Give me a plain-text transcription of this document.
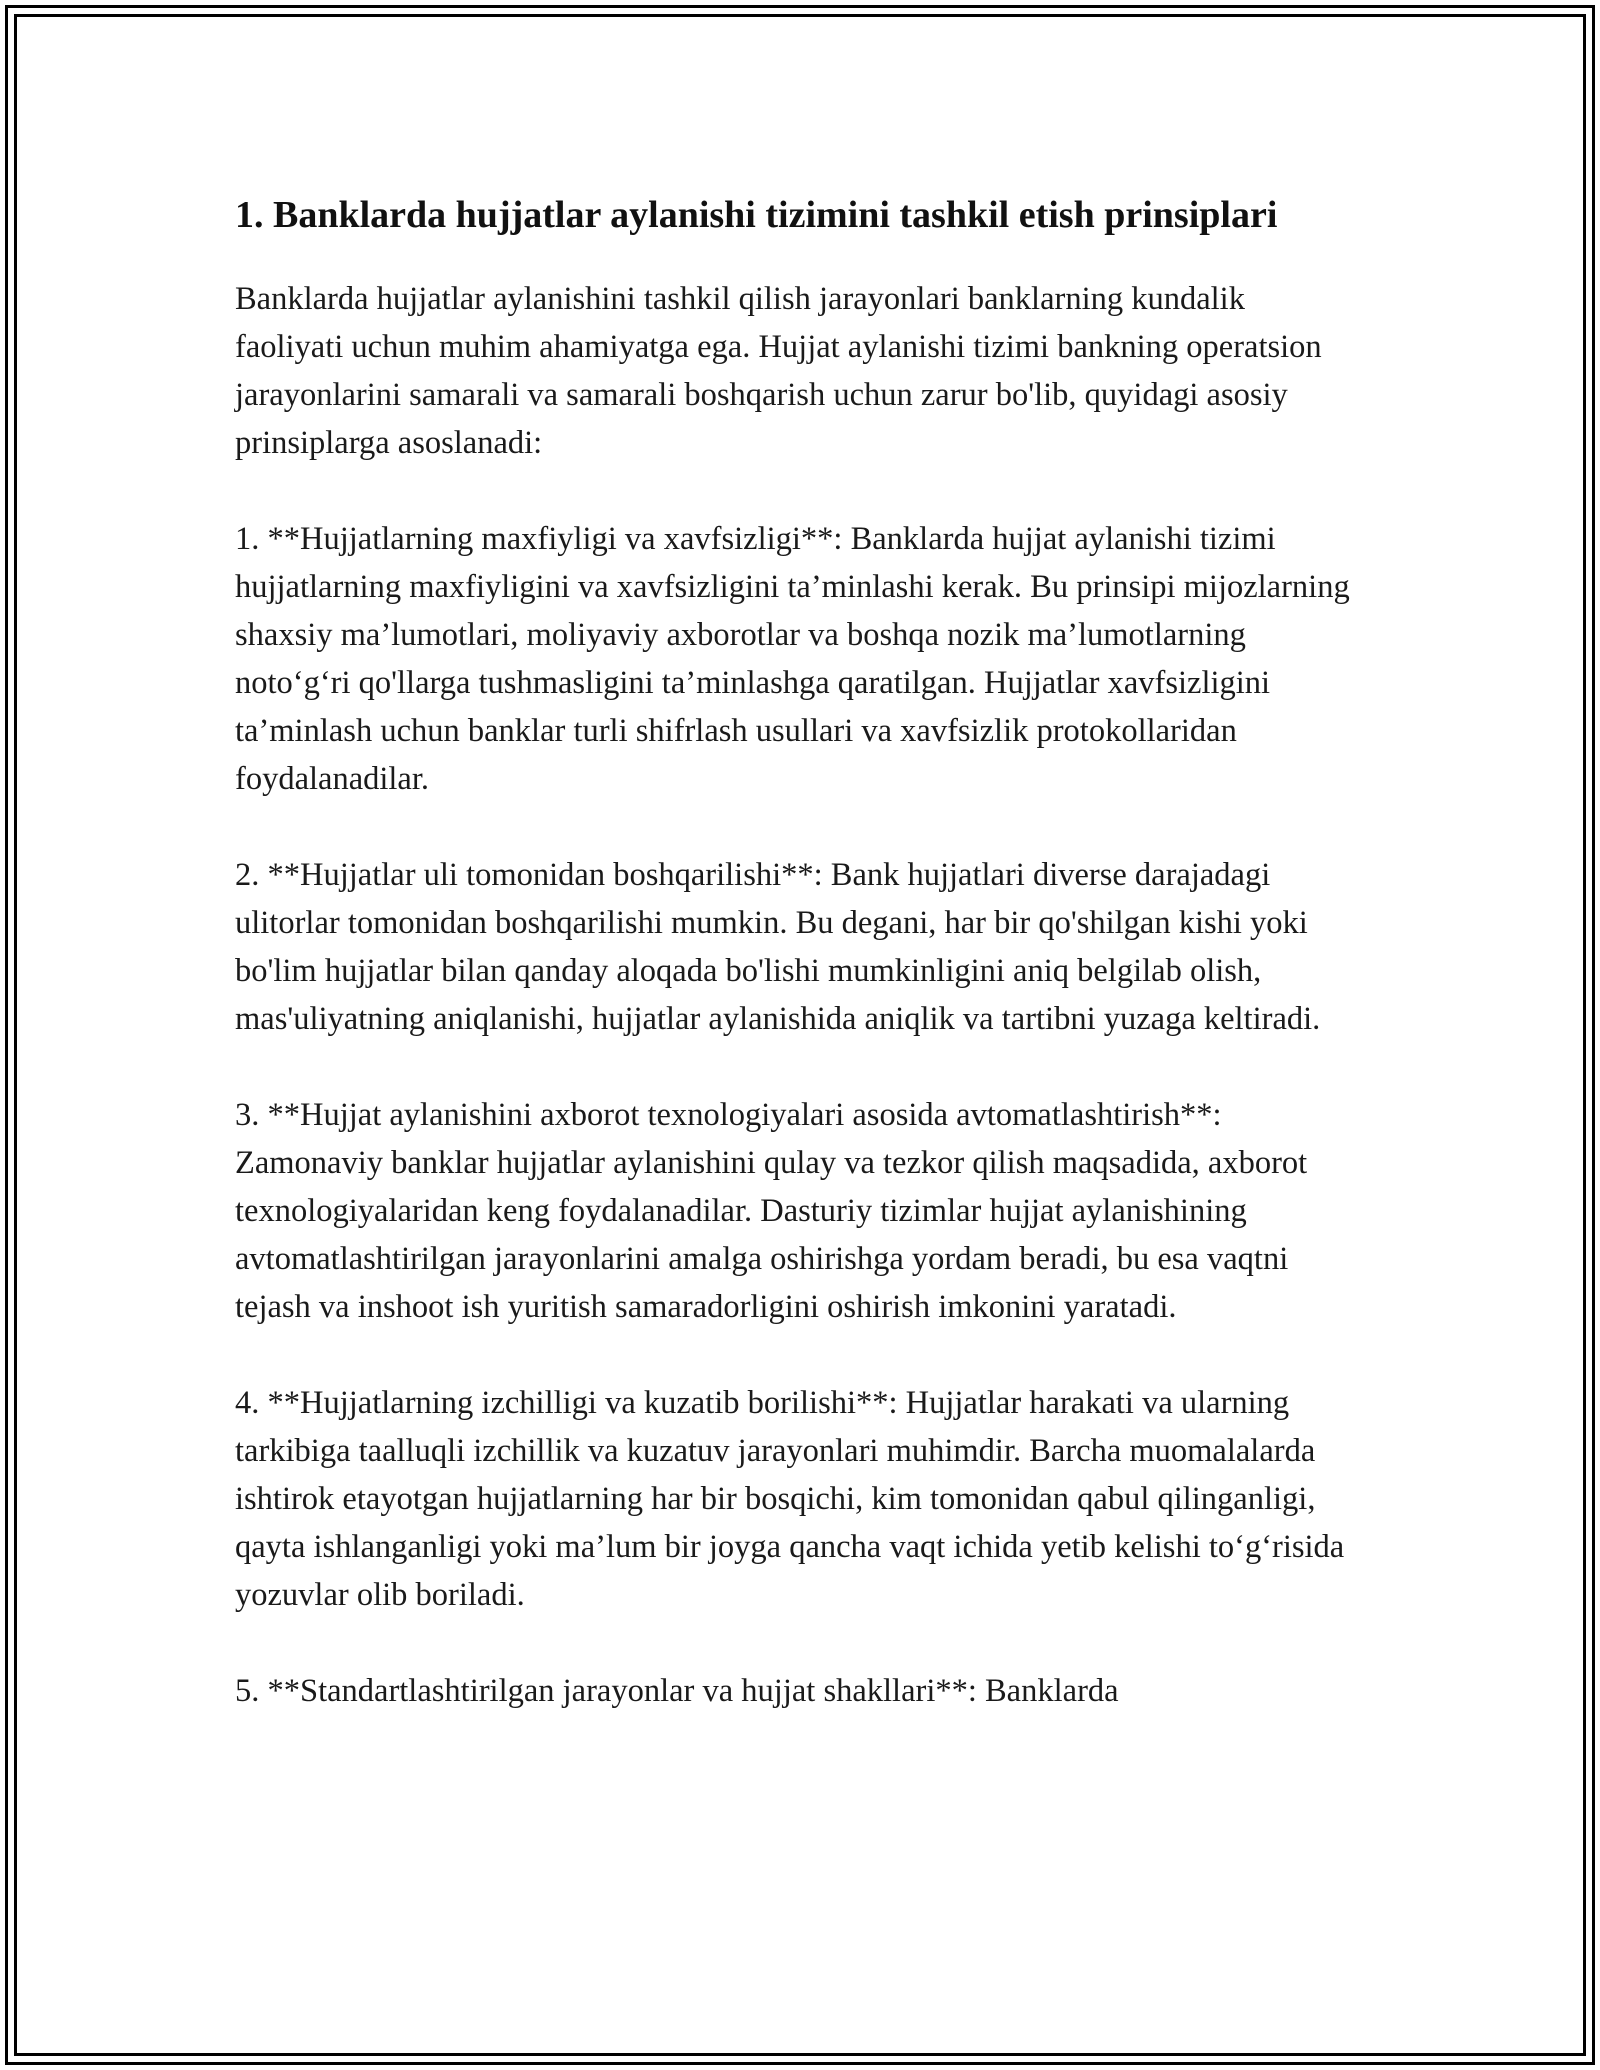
1. Banklarda hujjatlar aylanishi tizimini tashkil etish prinsiplari

Banklarda hujjatlar aylanishini tashkil qilish jarayonlari banklarning kundalik faoliyati uchun muhim ahamiyatga ega. Hujjat aylanishi tizimi bankning operatsion jarayonlarini samarali va samarali boshqarish uchun zarur bo'lib, quyidagi asosiy prinsiplarga asoslanadi:

1. **Hujjatlarning maxfiyligi va xavfsizligi**: Banklarda hujjat aylanishi tizimi hujjatlarning maxfiyligini va xavfsizligini ta’minlashi kerak. Bu prinsipi mijozlarning shaxsiy ma’lumotlari, moliyaviy axborotlar va boshqa nozik ma’lumotlarning noto‘g‘ri qo'llarga tushmasligini ta’minlashga qaratilgan. Hujjatlar xavfsizligini ta’minlash uchun banklar turli shifrlash usullari va xavfsizlik protokollaridan foydalanadilar.

2. **Hujjatlar uli tomonidan boshqarilishi**: Bank hujjatlari diverse darajadagi ulitorlar tomonidan boshqarilishi mumkin. Bu degani, har bir qo'shilgan kishi yoki bo'lim hujjatlar bilan qanday aloqada bo'lishi mumkinligini aniq belgilab olish, mas'uliyatning aniqlanishi, hujjatlar aylanishida aniqlik va tartibni yuzaga keltiradi.

3. **Hujjat aylanishini axborot texnologiyalari asosida avtomatlashtirish**: Zamonaviy banklar hujjatlar aylanishini qulay va tezkor qilish maqsadida, axborot texnologiyalaridan keng foydalanadilar. Dasturiy tizimlar hujjat aylanishining avtomatlashtirilgan jarayonlarini amalga oshirishga yordam beradi, bu esa vaqtni tejash va inshoot ish yuritish samaradorligini oshirish imkonini yaratadi.

4. **Hujjatlarning izchilligi va kuzatib borilishi**: Hujjatlar harakati va ularning tarkibiga taalluqli izchillik va kuzatuv jarayonlari muhimdir. Barcha muomalalarda ishtirok etayotgan hujjatlarning har bir bosqichi, kim tomonidan qabul qilinganligi, qayta ishlanganligi yoki ma’lum bir joyga qancha vaqt ichida yetib kelishi to‘g‘risida yozuvlar olib boriladi.

5. **Standartlashtirilgan jarayonlar va hujjat shakllari**: Banklarda
